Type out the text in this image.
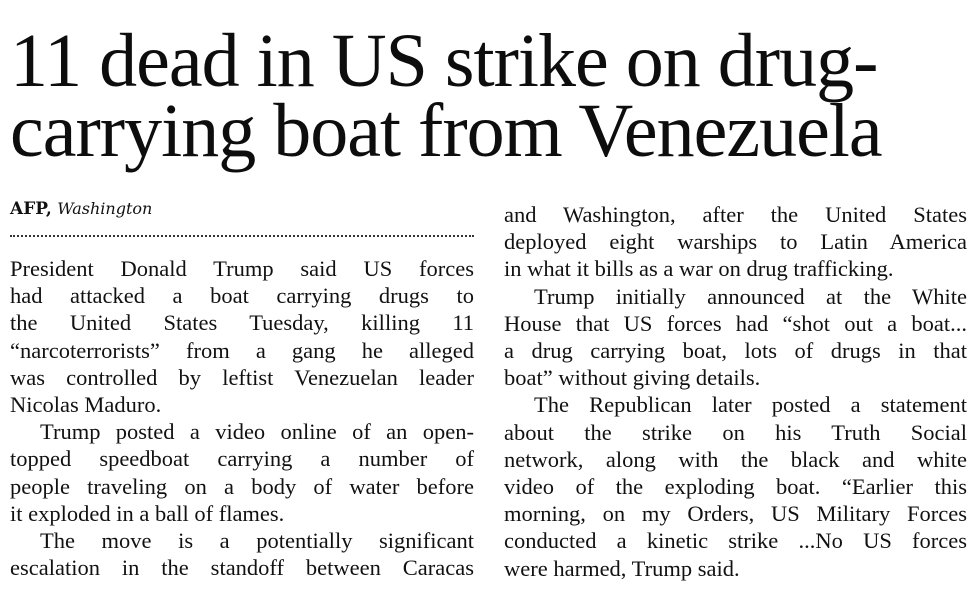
11 dead in US strike on drug-
carrying boat from Venezuela
AFP, Washington
President Donald Trump said US forces
had attacked a boat carrying drugs to
the United States Tuesday, killing 11
“narcoterrorists” from a gang he alleged
was controlled by leftist Venezuelan leader
Nicolas Maduro.
Trump posted a video online of an open-
topped speedboat carrying a number of
people traveling on a body of water before
it exploded in a ball of flames.
The move is a potentially significant
escalation in the standoff between Caracas
and Washington, after the United States
deployed eight warships to Latin America
in what it bills as a war on drug trafficking.
Trump initially announced at the White
House that US forces had “shot out a boat...
a drug carrying boat, lots of drugs in that
boat” without giving details.
The Republican later posted a statement
about the strike on his Truth Social
network, along with the black and white
video of the exploding boat. “Earlier this
morning, on my Orders, US Military Forces
conducted a kinetic strike ...No US forces
were harmed, Trump said.
